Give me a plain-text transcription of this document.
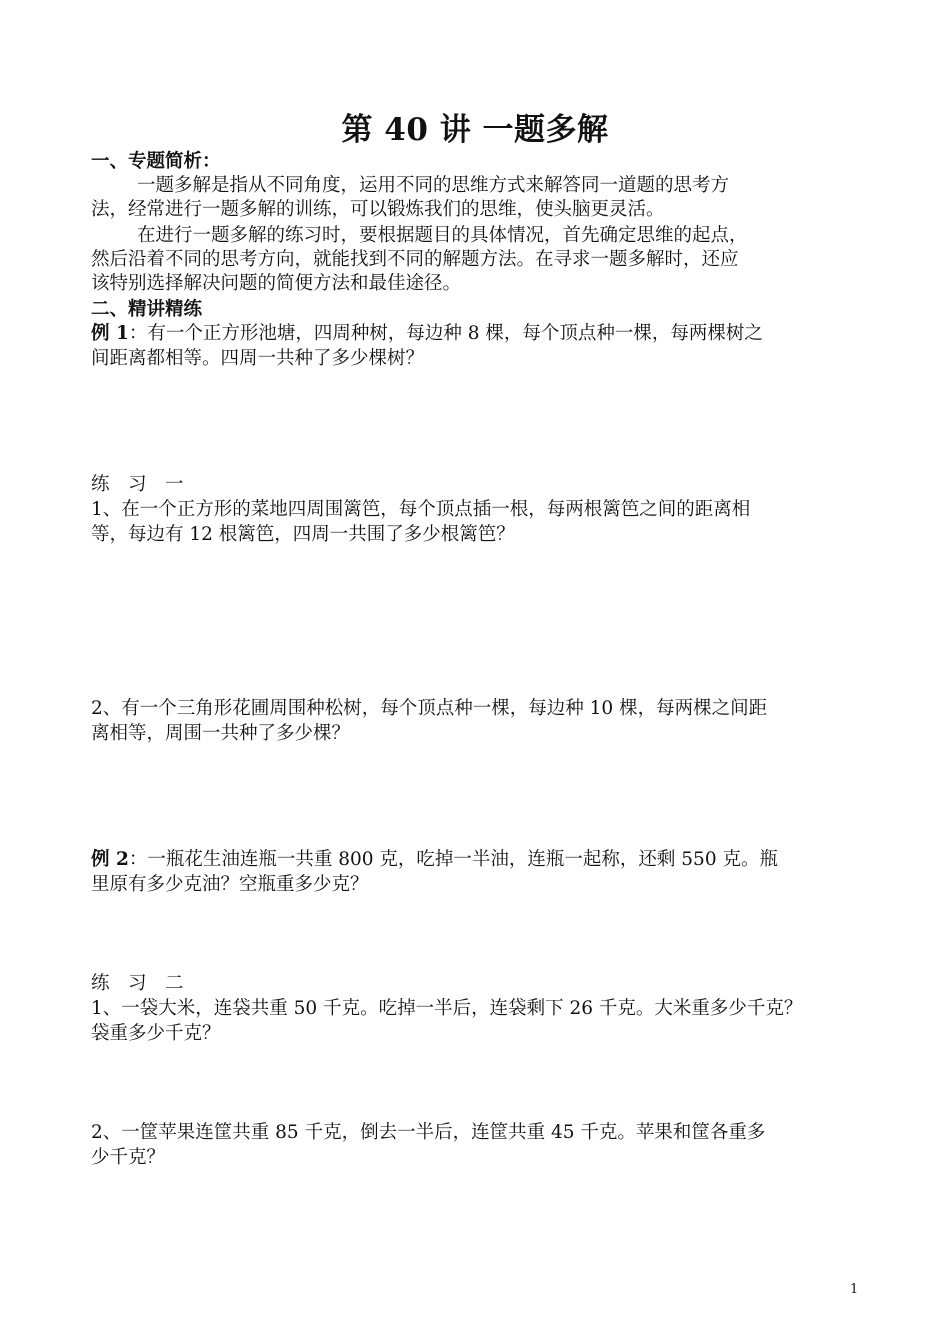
第 40 讲 一题多解
一、专题简析：
一题多解是指从不同角度，运用不同的思维方式来解答同一道题的思考方
法，经常进行一题多解的训练，可以锻炼我们的思维，使头脑更灵活。
在进行一题多解的练习时，要根据题目的具体情况，首先确定思维的起点，
然后沿着不同的思考方向，就能找到不同的解题方法。在寻求一题多解时，还应
该特别选择解决问题的简便方法和最佳途径。
二、精讲精练
例 1：有一个正方形池塘，四周种树，每边种 8 棵，每个顶点种一棵，每两棵树之
间距离都相等。四周一共种了多少棵树？
练　习　一
1、在一个正方形的菜地四周围篱笆，每个顶点插一根，每两根篱笆之间的距离相
等，每边有 12 根篱笆，四周一共围了多少根篱笆？
2、有一个三角形花圃周围种松树，每个顶点种一棵，每边种 10 棵，每两棵之间距
离相等，周围一共种了多少棵？
例 2：一瓶花生油连瓶一共重 800 克，吃掉一半油，连瓶一起称，还剩 550 克。瓶
里原有多少克油？空瓶重多少克？
练　习　二
1、一袋大米，连袋共重 50 千克。吃掉一半后，连袋剩下 26 千克。大米重多少千克？
袋重多少千克？
2、一筐苹果连筐共重 85 千克，倒去一半后，连筐共重 45 千克。苹果和筐各重多
少千克？
1
